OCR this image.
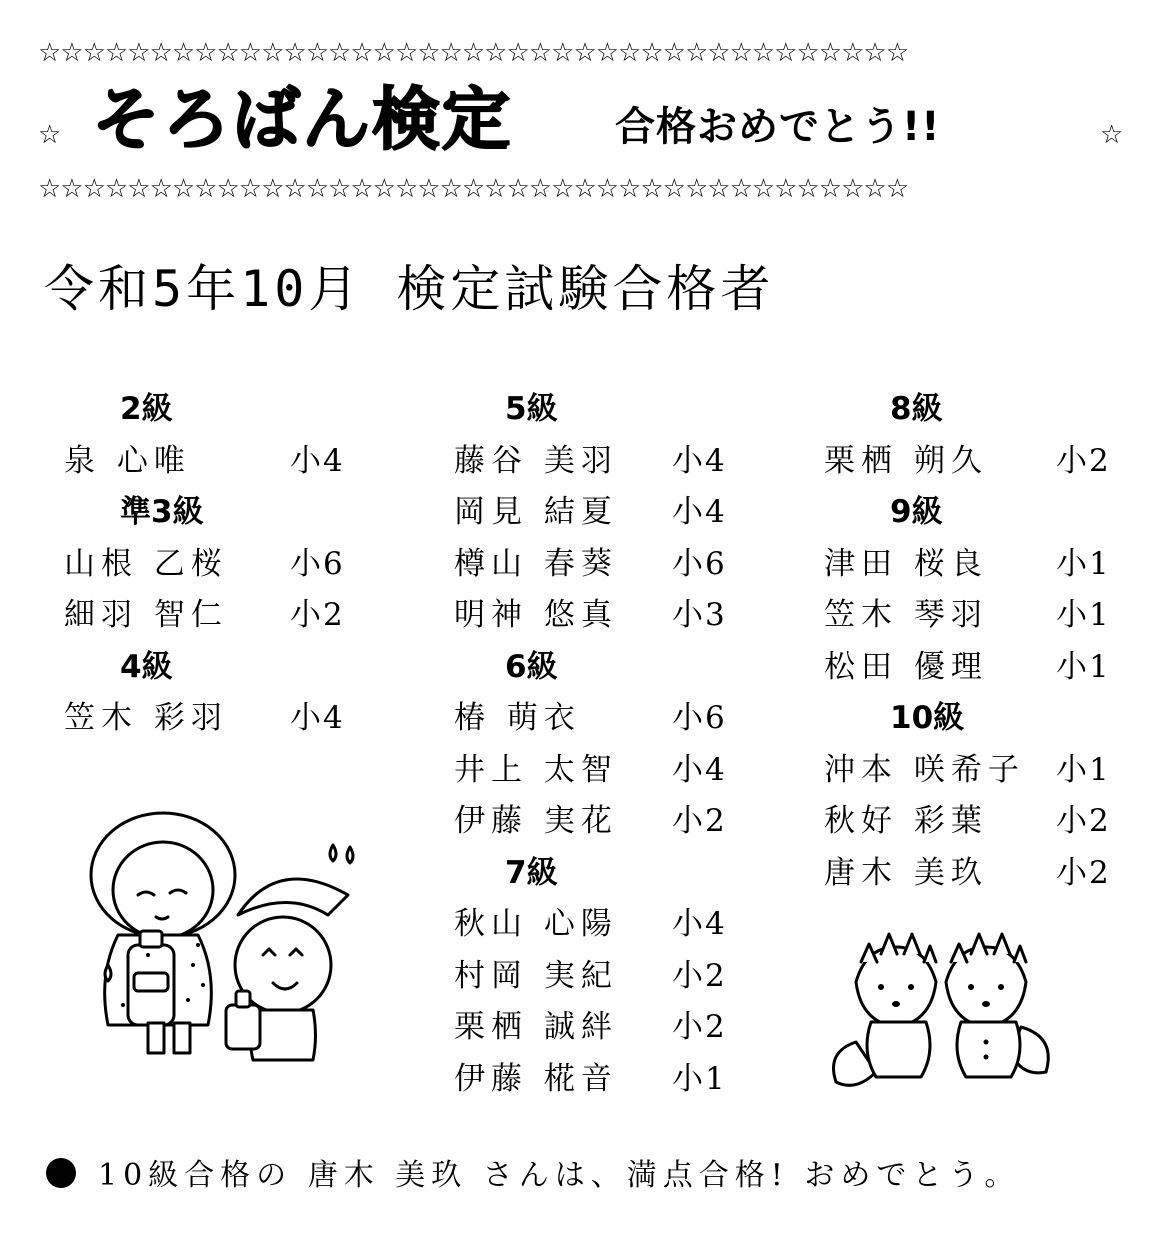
☆☆☆☆☆☆☆☆☆☆☆☆☆☆☆☆☆☆☆☆☆☆☆☆☆☆☆☆☆☆☆☆☆☆☆☆☆☆☆
☆ そろばん検定	合格おめでとう!!	☆
☆☆☆☆☆☆☆☆☆☆☆☆☆☆☆☆☆☆☆☆☆☆☆☆☆☆☆☆☆☆☆☆☆☆☆☆☆☆☆
令和5年10月 検定試験合格者
2級
泉 心唯	小4
準3級
山根 乙桜 小6
細羽 智仁 小2
4級
笠木 彩羽 小4
5級
藤谷 美羽 小4
岡見 結夏 小4
樽山 春葵 小6
明神 悠真 小3
6級
椿 萌衣	小6
井上 太智 小4
伊藤 実花 小2
7級
秋山 心陽 小4
村岡 実紀 小2
栗栖 誠絆 小2
伊藤 椛音 小1
8級
栗栖 朔久 小2
9級
津田 桜良 小1
笠木 琴羽 小1
松田 優理 小1
10級
沖本 咲希子 小1
秋好 彩葉 小2
唐木 美玖 小2
10級合格の 唐木 美玖 さんは、満点合格! おめでとう。
